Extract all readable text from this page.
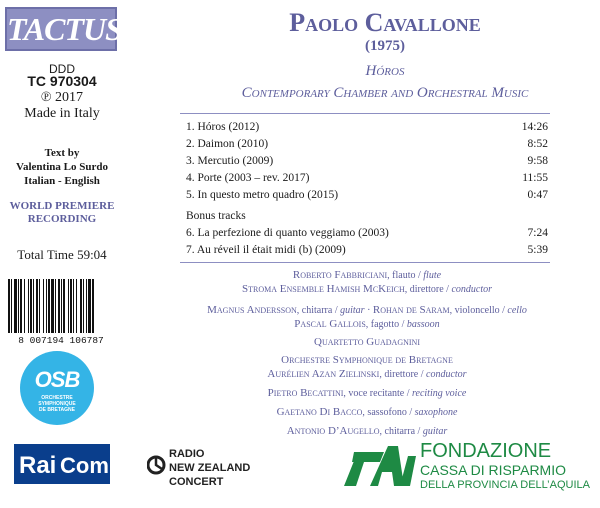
TACTUS
DDD
TC 970304
℗ 2017
Made in Italy
Text by
Valentina Lo Surdo
Italian - English
WORLD PREMIERE
RECORDING
Total Time 59:04
8 007194 106787
OSB
ORCHESTRE
SYMPHONIQUE
DE BRETAGNE
Paolo Cavallone
(1975)
Hóros
Contemporary Chamber and Orchestral Music
1. Hóros (2012)	14:26
2. Daimon (2010)	8:52
3. Mercutio (2009)	9:58
4. Porte (2003 – rev. 2017)	11:55
5. In questo metro quadro (2015)	0:47
Bonus tracks
6. La perfezione di quanto veggiamo (2003)	7:24
7. Au réveil il était midi (b) (2009)	5:39
Roberto Fabbriciani, flauto / flute
Stroma Ensemble Hamish McKeich, direttore / conductor
Magnus Andersson, chitarra / guitar · Rohan de Saram, violoncello / cello
Pascal Gallois, fagotto / bassoon
Quartetto Guadagnini
Orchestre Symphonique de Bretagne
Aurélien Azan Zielinski, direttore / conductor
Pietro Becattini, voce recitante / reciting voice
Gaetano Di Bacco, sassofono / saxophone
Antonio D’Augello, chitarra / guitar
Rai Com	RADIO
NEW ZEALAND
CONCERT
FONDAZIONE
CASSA DI RISPARMIO
DELLA PROVINCIA DELL’AQUILA
